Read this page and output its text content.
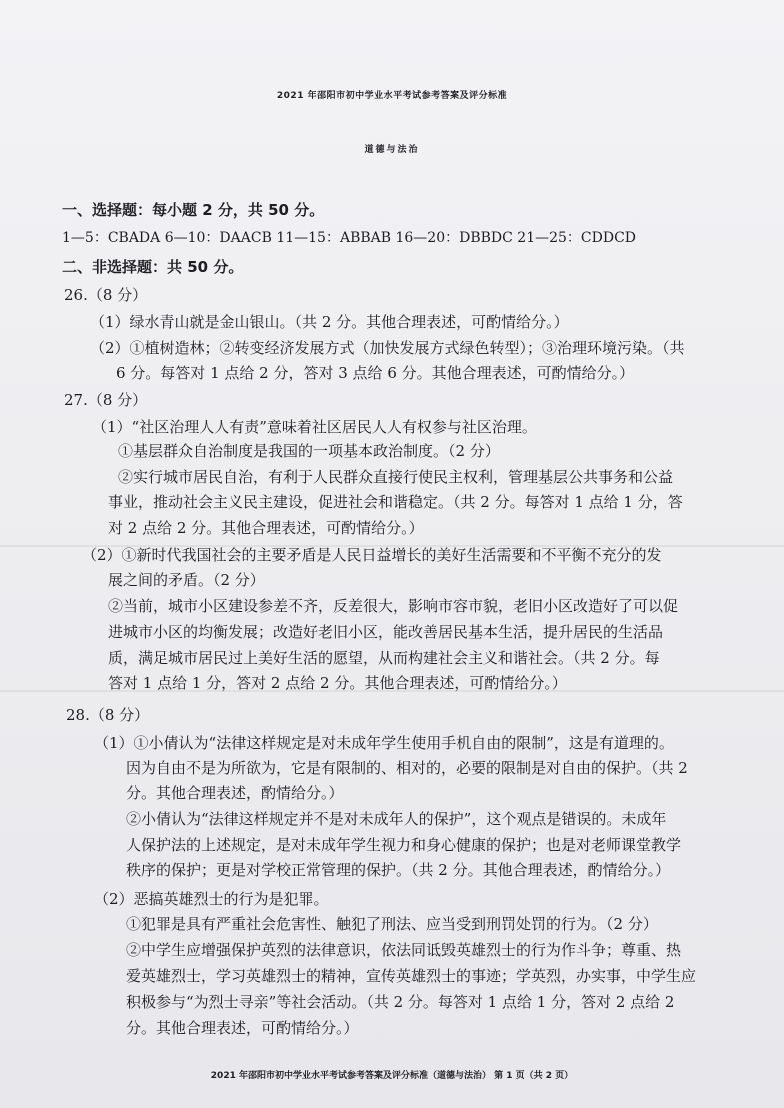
2021 年邵阳市初中学业水平考试参考答案及评分标准
道德与法治
一、选择题：每小题 2 分，共 50 分。
1—5：CBADA 6—10：DAACB 11—15：ABBAB 16—20：DBBDC 21—25：CDDCD
二、非选择题：共 50 分。
26.（8 分）
（1）绿水青山就是金山银山。（共 2 分。其他合理表述，可酌情给分。）
（2）①植树造林；②转变经济发展方式（加快发展方式绿色转型）；③治理环境污染。（共
6 分。每答对 1 点给 2 分，答对 3 点给 6 分。其他合理表述，可酌情给分。）
27.（8 分）
（1）“社区治理人人有责”意味着社区居民人人有权参与社区治理。
①基层群众自治制度是我国的一项基本政治制度。（2 分）
②实行城市居民自治，有利于人民群众直接行使民主权利，管理基层公共事务和公益
事业，推动社会主义民主建设，促进社会和谐稳定。（共 2 分。每答对 1 点给 1 分，答
对 2 点给 2 分。其他合理表述，可酌情给分。）
（2）①新时代我国社会的主要矛盾是人民日益增长的美好生活需要和不平衡不充分的发
展之间的矛盾。（2 分）
②当前，城市小区建设参差不齐，反差很大，影响市容市貌，老旧小区改造好了可以促
进城市小区的均衡发展；改造好老旧小区，能改善居民基本生活，提升居民的生活品
质，满足城市居民过上美好生活的愿望，从而构建社会主义和谐社会。（共 2 分。每
答对 1 点给 1 分，答对 2 点给 2 分。其他合理表述，可酌情给分。）
28.（8 分）
（1）①小倩认为“法律这样规定是对未成年学生使用手机自由的限制”，这是有道理的。
因为自由不是为所欲为，它是有限制的、相对的，必要的限制是对自由的保护。（共 2
分。其他合理表述，酌情给分。）
②小倩认为“法律这样规定并不是对未成年人的保护”，这个观点是错误的。未成年
人保护法的上述规定，是对未成年学生视力和身心健康的保护；也是对老师课堂教学
秩序的保护；更是对学校正常管理的保护。（共 2 分。其他合理表述，酌情给分。）
（2）恶搞英雄烈士的行为是犯罪。
①犯罪是具有严重社会危害性、触犯了刑法、应当受到刑罚处罚的行为。（2 分）
②中学生应增强保护英烈的法律意识，依法同诋毁英雄烈士的行为作斗争；尊重、热
爱英雄烈士，学习英雄烈士的精神，宣传英雄烈士的事迹；学英烈，办实事，中学生应
积极参与“为烈士寻亲”等社会活动。（共 2 分。每答对 1 点给 1 分，答对 2 点给 2
分。其他合理表述，可酌情给分。）
2021 年邵阳市初中学业水平考试参考答案及评分标准（道德与法治） 第 1 页（共 2 页）
